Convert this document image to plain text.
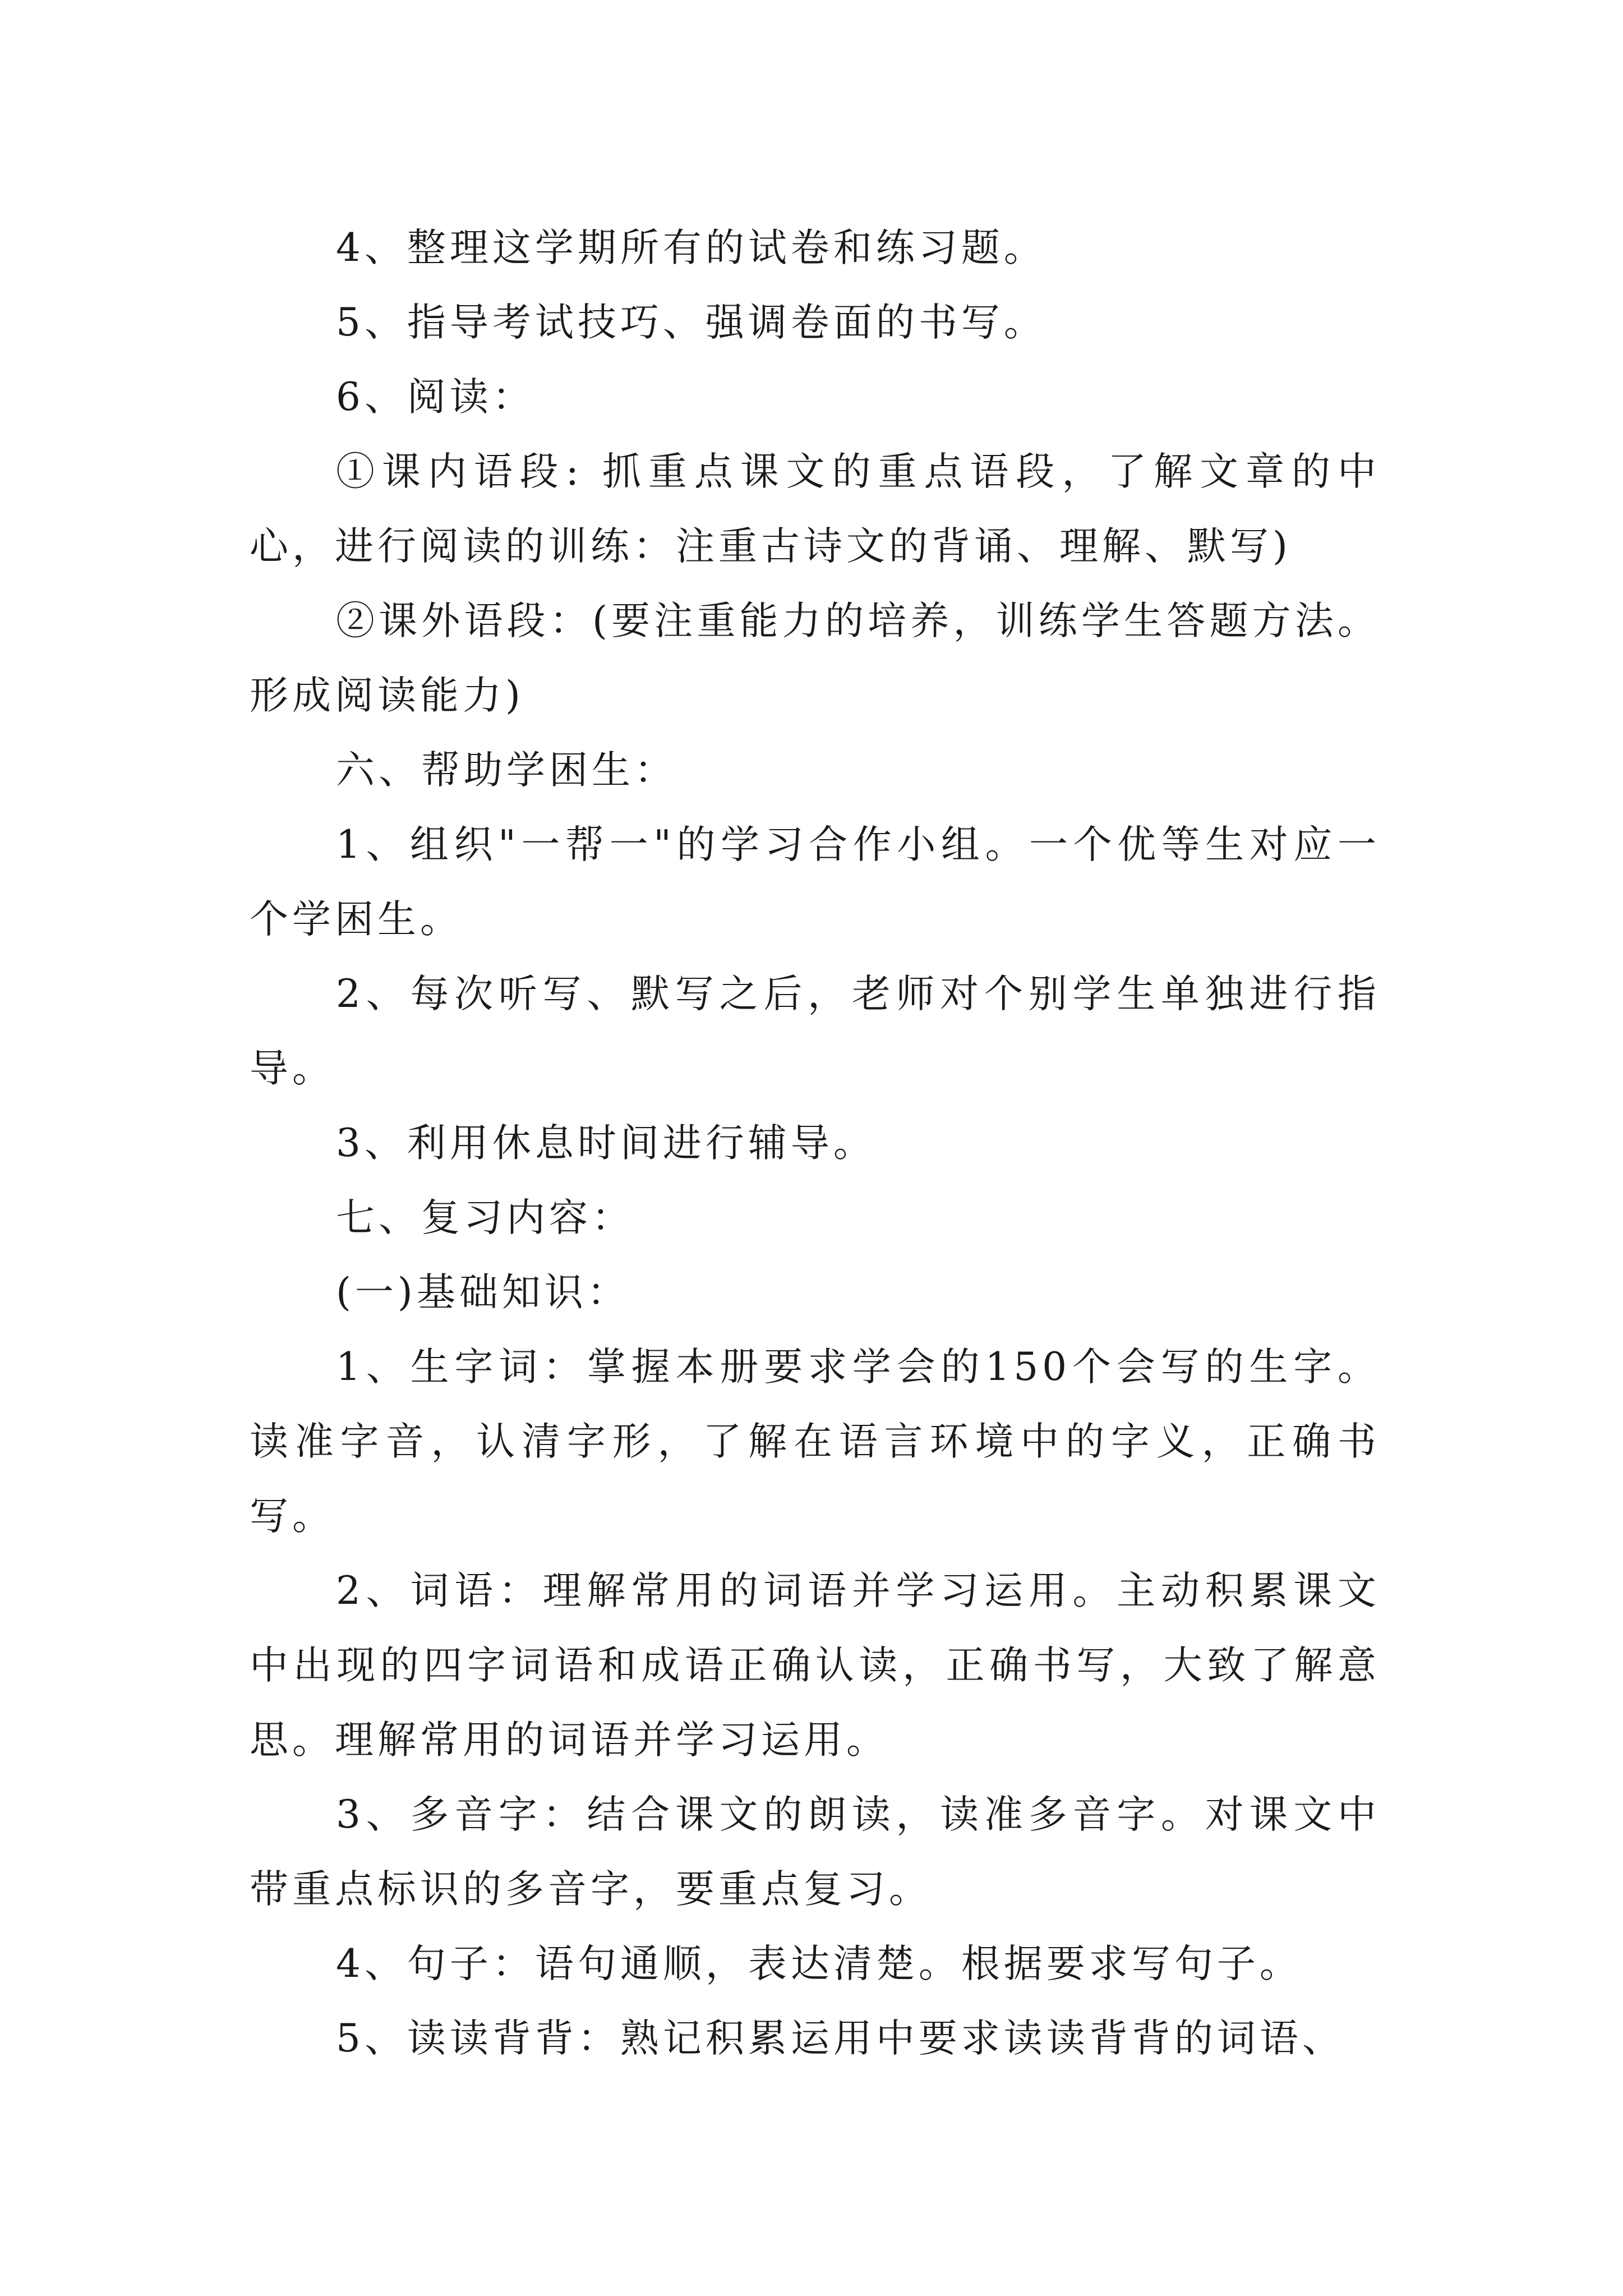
4、整理这学期所有的试卷和练习题。

5、指导考试技巧、强调卷面的书写。

6、阅读：

①课内语段: 抓重点课文的重点语段，了解文章的中心，进行阅读的训练：注重古诗文的背诵、理解、默写)

②课外语段：(要注重能力的培养，训练学生答题方法。形成阅读能力)

六、帮助学困生：

1、组织"一帮一"的学习合作小组。一个优等生对应一个学困生。

2、每次听写、默写之后，老师对个别学生单独进行指导。

3、利用休息时间进行辅导。

七、复习内容：

(一)基础知识：

1、生字词：掌握本册要求学会的150个会写的生字。读准字音，认清字形，了解在语言环境中的字义，正确书写。

2、词语：理解常用的词语并学习运用。主动积累课文中出现的四字词语和成语正确认读，正确书写，大致了解意思。理解常用的词语并学习运用。

3、多音字：结合课文的朗读，读准多音字。对课文中带重点标识的多音字，要重点复习。

4、句子：语句通顺，表达清楚。根据要求写句子。

5、读读背背：熟记积累运用中要求读读背背的词语、
